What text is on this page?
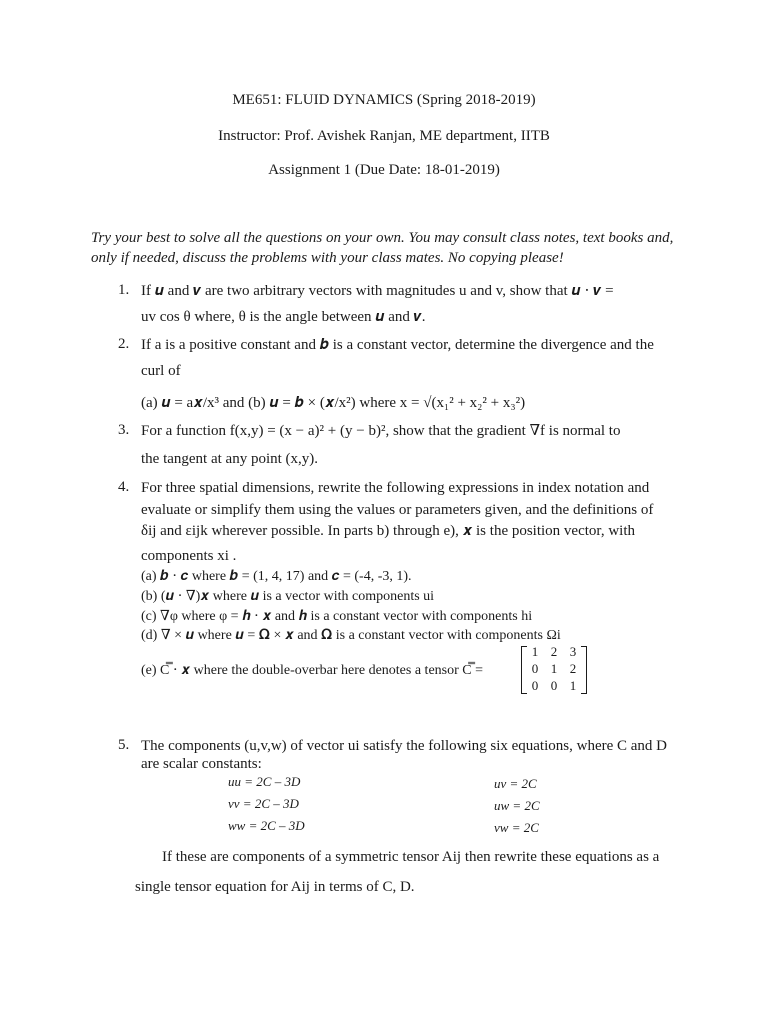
ME651: FLUID DYNAMICS (Spring 2018-2019)
Instructor: Prof. Avishek Ranjan, ME department, IITB
Assignment 1 (Due Date: 18-01-2019)
Try your best to solve all the questions on your own. You may consult class notes, text books and,
only if needed, discuss the problems with your class mates. No copying please!
1. If 𝒖 and 𝒗 are two arbitrary vectors with magnitudes u and v, show that 𝒖 ⋅ 𝒗 =
uv cos θ where, θ is the angle between 𝒖 and 𝒗.
2. If a is a positive constant and 𝒃 is a constant vector, determine the divergence and the
curl of
(a) 𝒖 = a𝒙/x³ and (b) 𝒖 = 𝒃 × (𝒙/x²) where x = √(x₁² + x₂² + x₃²)
3. For a function f(x,y) = (x − a)² + (y − b)², show that the gradient ∇f is normal to
the tangent at any point (x,y).
4. For three spatial dimensions, rewrite the following expressions in index notation and
evaluate or simplify them using the values or parameters given, and the definitions of
δij and εijk wherever possible. In parts b) through e), 𝒙 is the position vector, with
components xi .
(a) 𝒃 ⋅ 𝒄 where 𝒃 = (1, 4, 17) and 𝒄 = (-4, -3, 1).
(b) (𝒖 ⋅ ∇)𝒙 where 𝒖 is a vector with components ui
(c) ∇φ where φ = 𝒉 ⋅ 𝒙 and 𝒉 is a constant vector with components hi
(d) ∇ × 𝒖 where 𝒖 = 𝛀 × 𝒙 and 𝛀 is a constant vector with components Ωi
(e) C̿ ⋅ 𝒙 where the double-overbar here denotes a tensor C̿ =
1 2 3
0 1 2
0 0 1
5. The components (u,v,w) of vector ui satisfy the following six equations, where C and D
are scalar constants:
uu = 2C – 3D
vv = 2C – 3D
ww = 2C – 3D
uv = 2C
uw = 2C
vw = 2C
If these are components of a symmetric tensor Aij then rewrite these equations as a
single tensor equation for Aij in terms of C, D.
